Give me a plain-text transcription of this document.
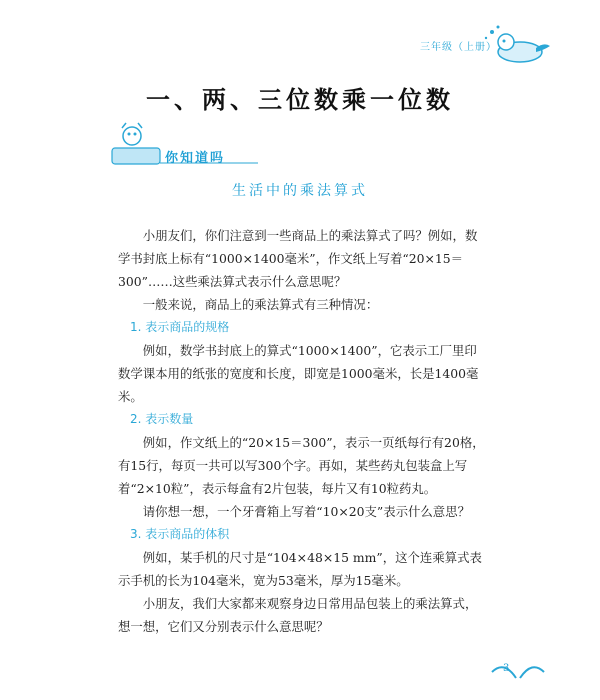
三年级（上册）
一、两、三位数乘一位数
你知道吗
生活中的乘法算式

小朋友们，你们注意到一些商品上的乘法算式了吗？例如，数学书封底上标有“1000×1400毫米”，作文纸上写着“20×15＝300”……这些乘法算式表示什么意思呢？

一般来说，商品上的乘法算式有三种情况：

1. 表示商品的规格

例如，数学书封底上的算式“1000×1400”，它表示工厂里印数学课本用的纸张的宽度和长度，即宽是1000毫米，长是1400毫米。

2. 表示数量

例如，作文纸上的“20×15＝300”，表示一页纸每行有20格，有15行，每页一共可以写300个字。再如，某些药丸包装盒上写着“2×10粒”，表示每盒有2片包装，每片又有10粒药丸。

请你想一想，一个牙膏箱上写着“10×20支”表示什么意思？

3. 表示商品的体积

例如，某手机的尺寸是“104×48×15 mm”，这个连乘算式表示手机的长为104毫米，宽为53毫米，厚为15毫米。

小朋友，我们大家都来观察身边日常用品包装上的乘法算式，想一想，它们又分别表示什么意思呢？

3
